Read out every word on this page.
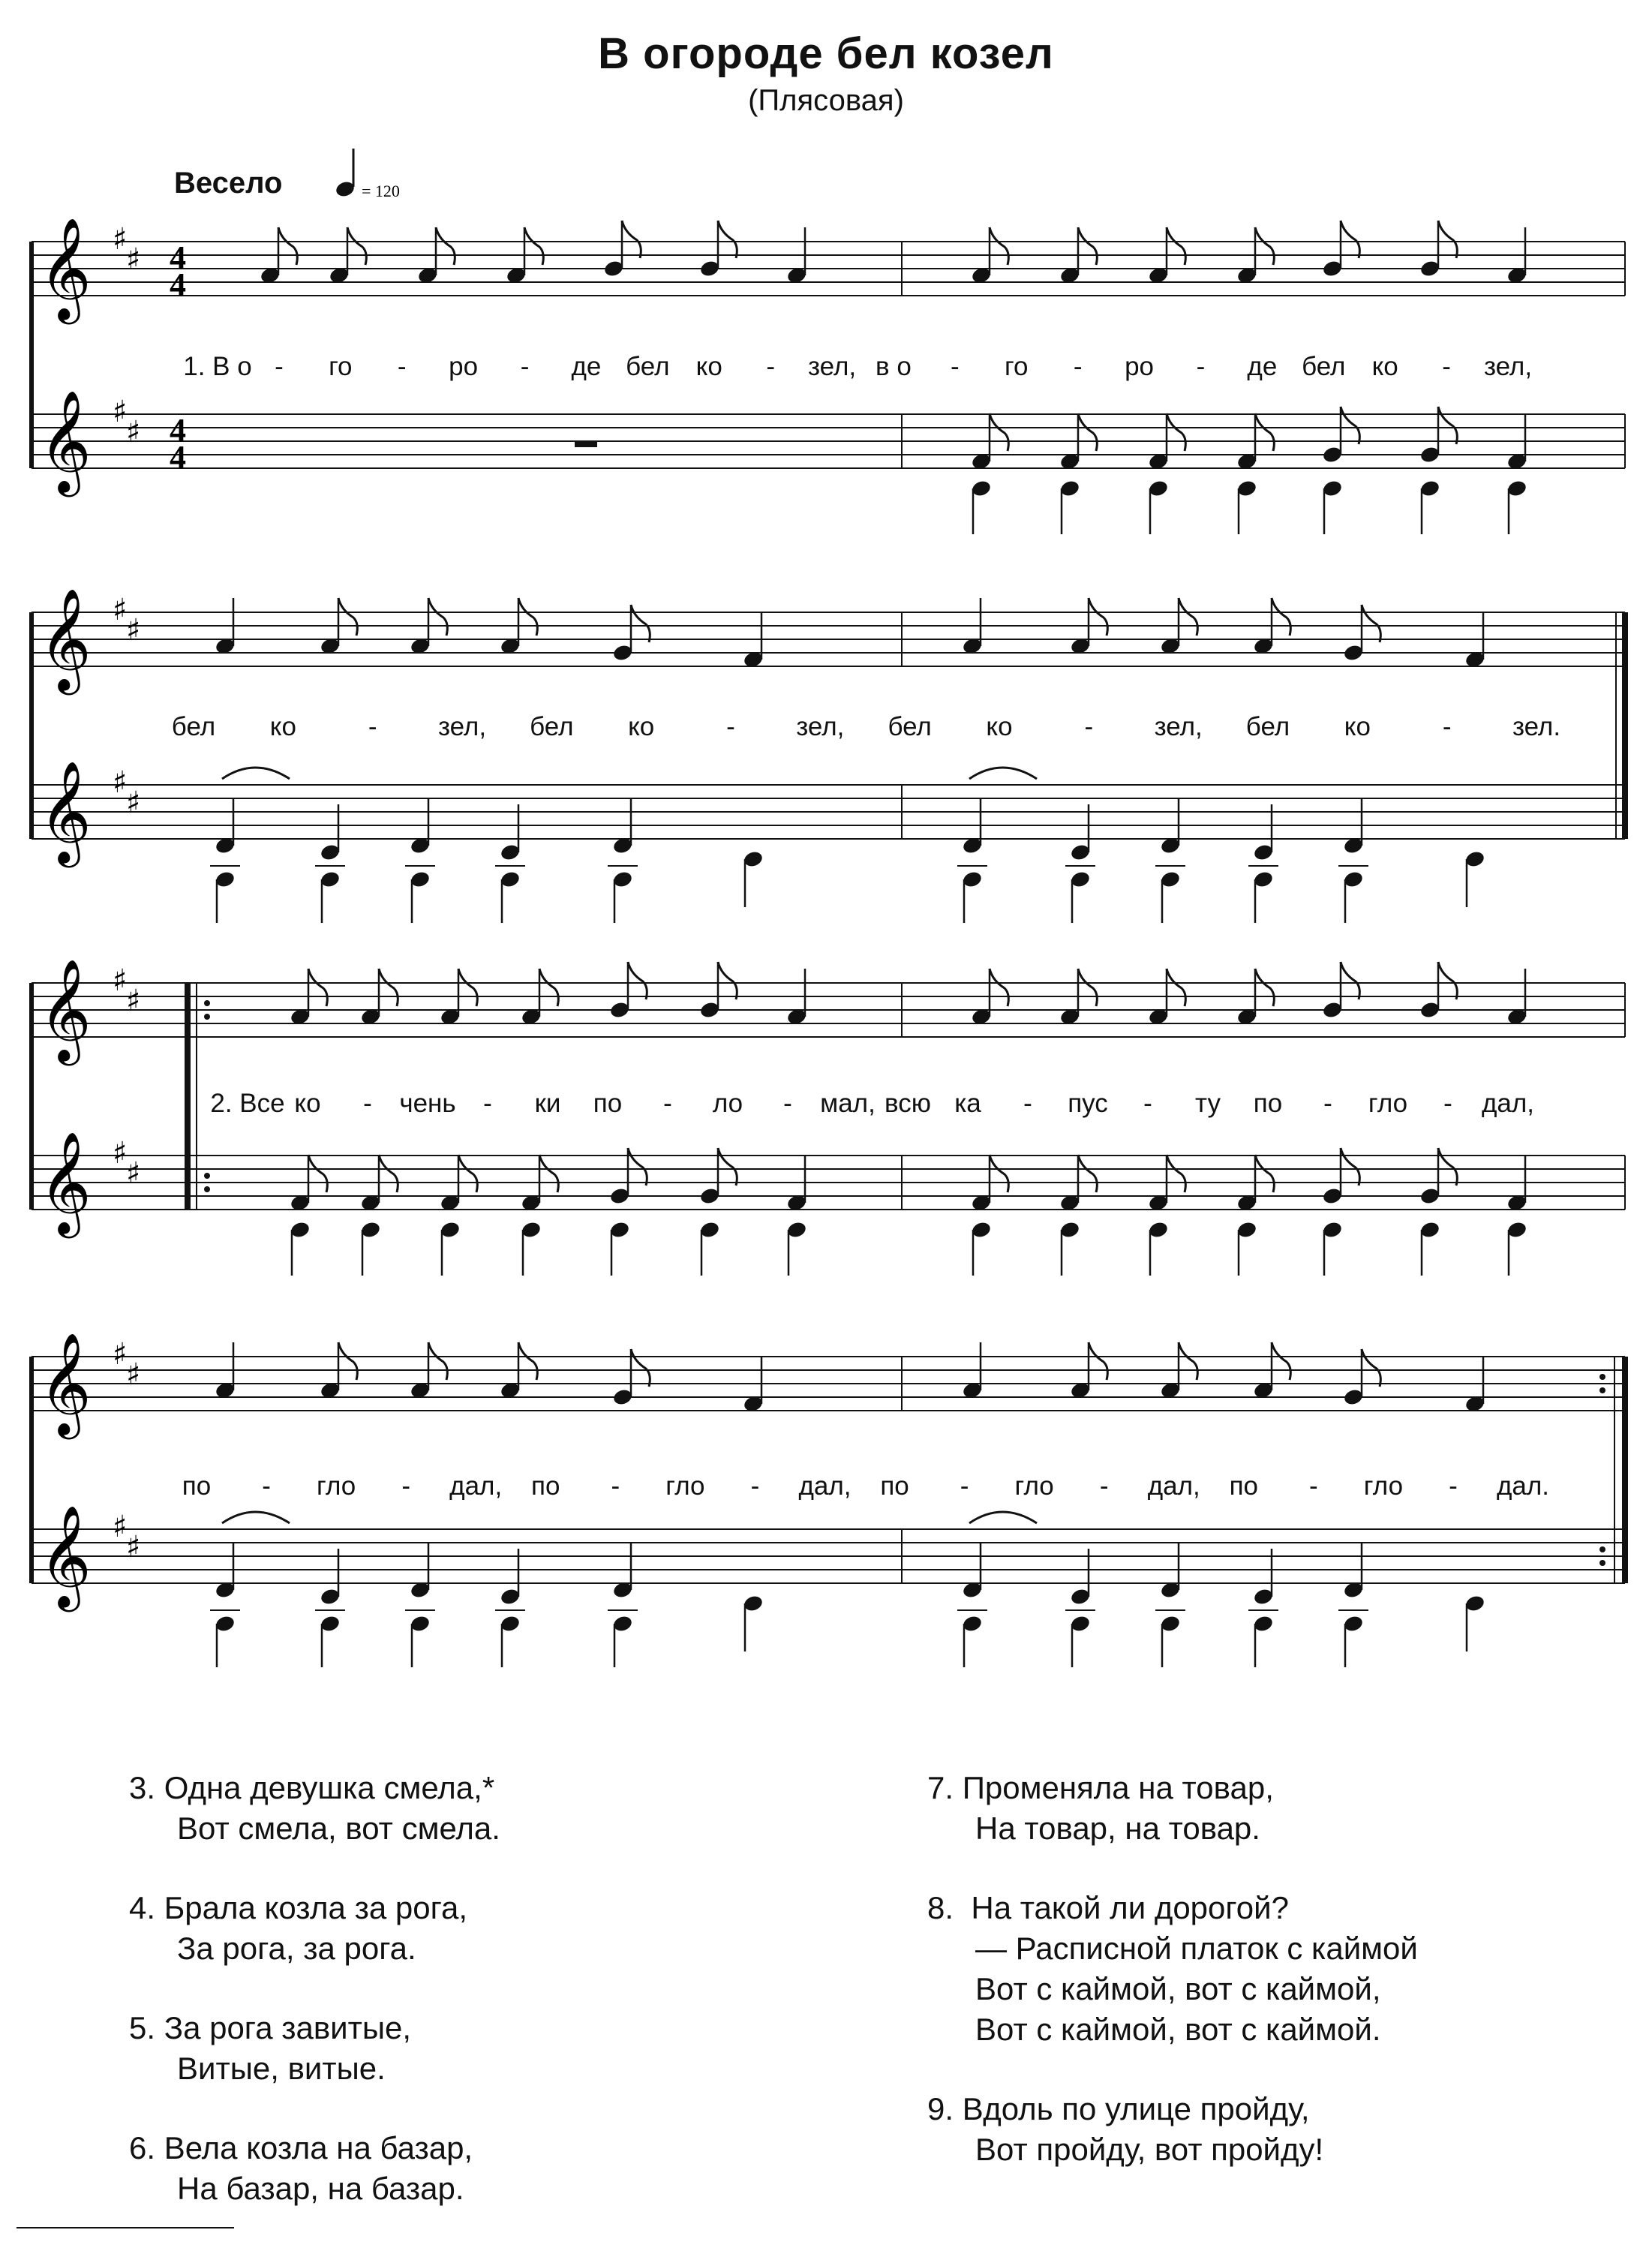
В огороде бел козел
(Плясовая)
Весело	= 120
𝄞 ♯
♯
𝄞 ♯
♯
4
4
4
4
𝄞 ♯
♯
𝄞 ♯
♯
𝄞 ♯
♯
𝄞 ♯
♯
𝄞 ♯
♯
𝄞 ♯
♯
1. В о - го - ро - де бел ко - зел, в о - го - ро - де бел ко - зел,
бел ко	- зел, бел ко	- зел, бел ко	- зел, бел ко	- зел.
2. Все ко - чень - ки по - ло - мал, всю ка - пус - ту по - гло - дал,
по - гло - дал, по - гло - дал, по - гло - дал, по - гло - дал.
3. Одна девушка смела,*
Вот смела, вот смела.
4. Брала козла за рога,
За рога, за рога.
5. За рога завитые,
Витые, витые.
6. Вела козла на базар,
На базар, на базар.
7. Променяла на товар,
На товар, на товар.
8.  На такой ли дорогой?
— Расписной платок с каймой
Вот с каймой, вот с каймой,
Вот с каймой, вот с каймой.
9. Вдоль по улице пройду,
Вот пройду, вот пройду!
